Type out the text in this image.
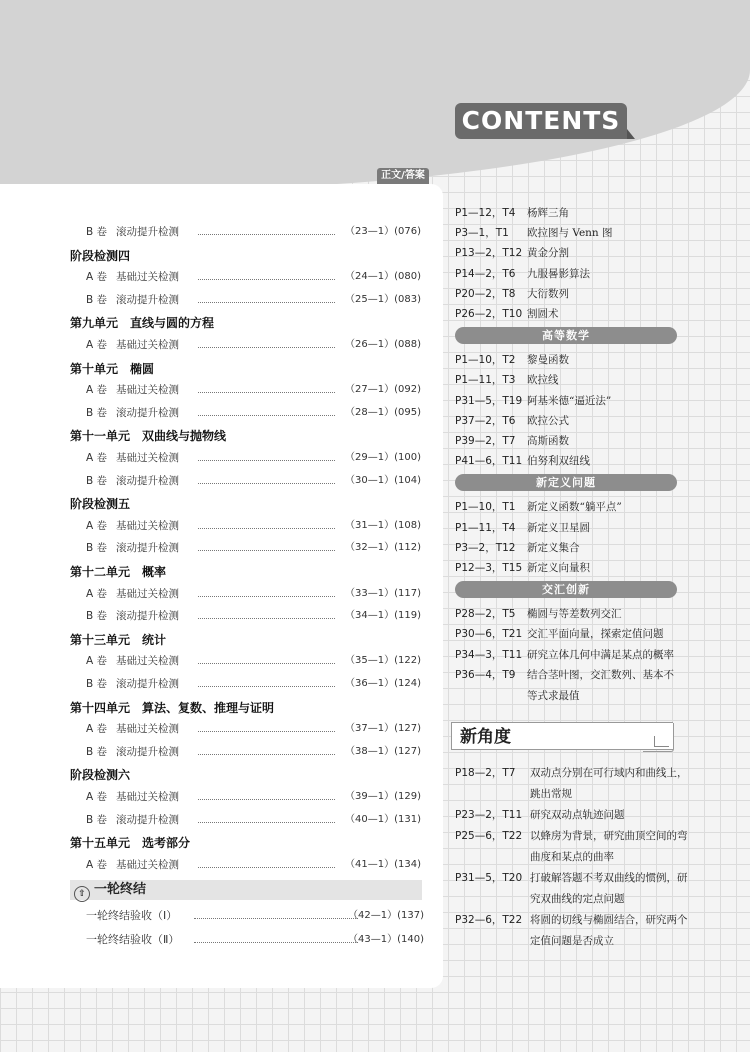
CONTENTS
正文/答案
B 卷 滚动提升检测	（23—1）(076)
阶段检测四
A 卷 基础过关检测	（24—1）(080)
B 卷 滚动提升检测	（25—1）(083)
第九单元　直线与圆的方程
A 卷 基础过关检测	（26—1）(088)
第十单元　椭圆
A 卷 基础过关检测	（27—1）(092)
B 卷 滚动提升检测	（28—1）(095)
第十一单元　双曲线与抛物线
A 卷 基础过关检测	（29—1）(100)
B 卷 滚动提升检测	（30—1）(104)
阶段检测五
A 卷 基础过关检测	（31—1）(108)
B 卷 滚动提升检测	（32—1）(112)
第十二单元　概率
A 卷 基础过关检测	（33—1）(117)
B 卷 滚动提升检测	（34—1）(119)
第十三单元　统计
A 卷 基础过关检测	（35—1）(122)
B 卷 滚动提升检测	（36—1）(124)
第十四单元　算法、复数、推理与证明
A 卷 基础过关检测	（37—1）(127)
B 卷 滚动提升检测	（38—1）(127)
阶段检测六
A 卷 基础过关检测	（39—1）(129)
B 卷 滚动提升检测	（40—1）(131)
第十五单元　选考部分
A 卷 基础过关检测	（41—1）(134)
⇧ 一轮终结
一轮终结验收（Ⅰ）	（42—1）(137)
一轮终结验收（Ⅱ）	（43—1）(140)
P1—12，T4 杨辉三角
P3—1，T1 欧拉图与 Venn 图
P13—2，T12 黄金分割
P14—2，T6 九服晷影算法
P20—2，T8 大衍数列
P26—2，T10 割圆术
高等数学
P1—10，T2 黎曼函数
P1—11，T3 欧拉线
P31—5，T19 阿基米德“逼近法”
P37—2，T6	欧拉公式
P39—2，T7	高斯函数
P41—6，T11 伯努利双纽线
新定义问题
P1—10，T1 新定义函数“躺平点”
P1—11，T4 新定义卫星圆
P3—2，T12 新定义集合
P12—3，T15 新定义向量积
交汇创新
P28—2，T5 椭圆与等差数列交汇
P30—6，T21 交汇平面向量，探索定值问题
P34—3，T11 研究立体几何中满足某点的概率
P36—4，T9	结合茎叶图，交汇数列、基本不等式求最值
新角度
P18—2，T7	双动点分别在可行域内和曲线上，跳出常规
P23—2，T11 研究双动点轨迹问题
P25—6，T22 以蜂房为背景，研究曲顶空间的弯曲度和某点的曲率
P31—5，T20 打破解答题不考双曲线的惯例，研究双曲线的定点问题
P32—6，T22 将圆的切线与椭圆结合，研究两个定值问题是否成立
